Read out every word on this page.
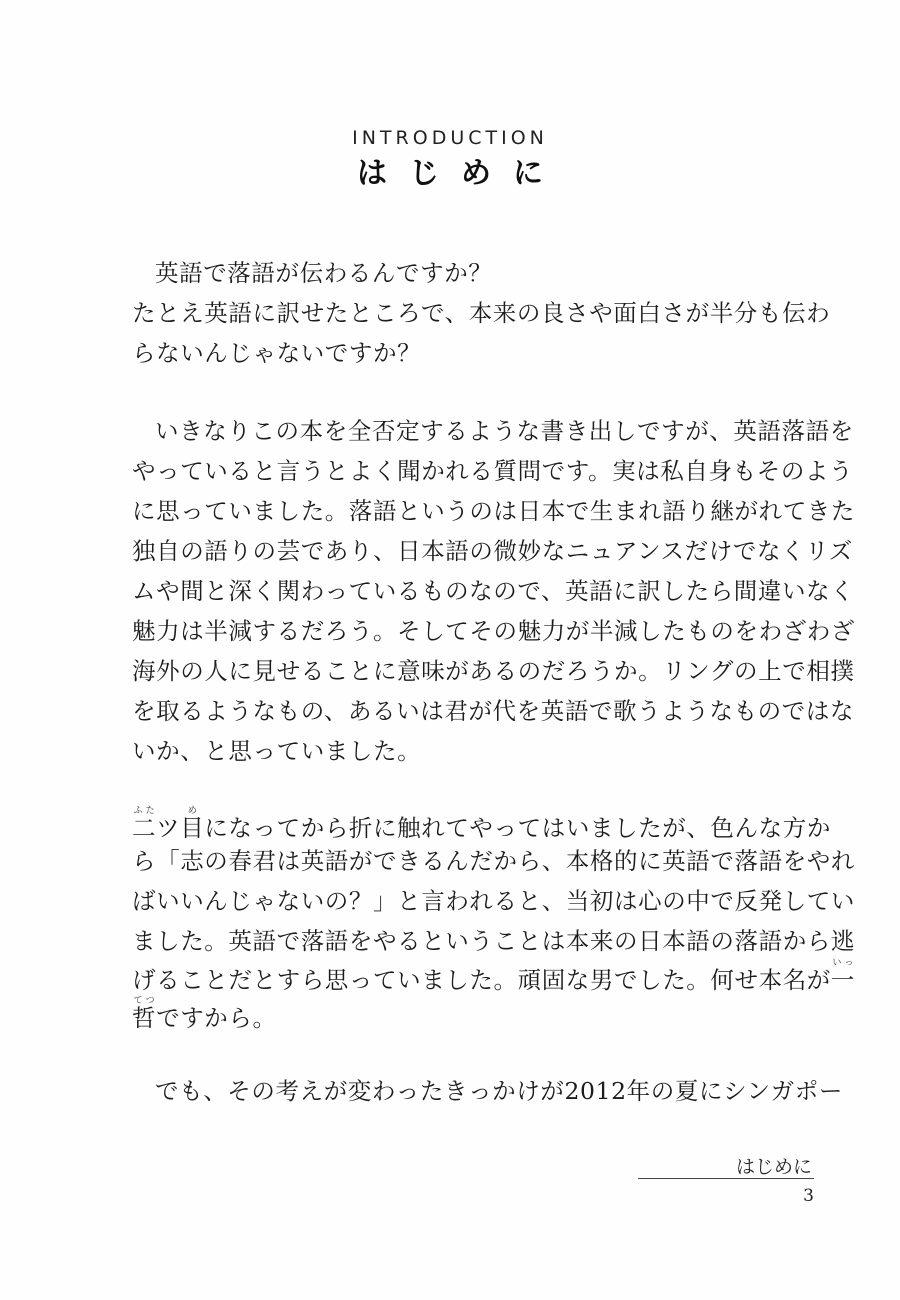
INTRODUCTION
はじめに
英語で落語が伝わるんですか？
たとえ英語に訳せたところで、本来の良さや面白さが半分も伝わ
らないんじゃないですか？
いきなりこの本を全否定するような書き出しですが、英語落語を
やっていると言うとよく聞かれる質問です。実は私自身もそのよう
に思っていました。落語というのは日本で生まれ語り継がれてきた
独自の語りの芸であり、日本語の微妙なニュアンスだけでなくリズ
ムや間と深く関わっているものなので、英語に訳したら間違いなく
魅力は半減するだろう。そしてその魅力が半減したものをわざわざ
海外の人に見せることに意味があるのだろうか。リングの上で相撲
を取るようなもの、あるいは君が代を英語で歌うようなものではな
いか、と思っていました。
二ふたツ目めになってから折に触れてやってはいましたが、色んな方か
ら「志の春君は英語ができるんだから、本格的に英語で落語をやれ
ばいいんじゃないの？」と言われると、当初は心の中で反発してい
ました。英語で落語をやるということは本来の日本語の落語から逃
げることだとすら思っていました。頑固な男でした。何せ本名が一いっ
哲てつですから。
でも、その考えが変わったきっかけが2012年の夏にシンガポー
はじめに
3
